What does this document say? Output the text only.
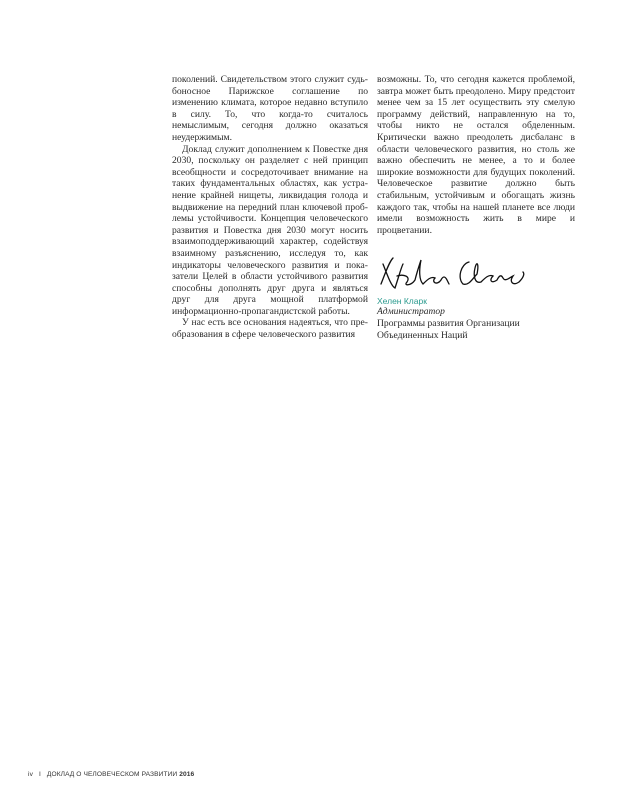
поколений. Свидетельством этого служит судьбоносное Парижское соглашение по изменению климата, которое недавно вступило в силу. То, что когда-то считалось немыслимым, сегодня должно оказаться неудержимым.

Доклад служит дополнением к Повестке дня 2030, поскольку он разделяет с ней принцип всеобщности и сосредоточивает внимание на таких фундаментальных областях, как устранение крайней нищеты, ликвидация голода и выдвижение на передний план ключевой проблемы устойчивости. Концепция человеческого развития и Повестка дня 2030 могут носить взаимоподдерживающий характер, содействуя взаимному разъяснению, исследуя то, как индикаторы человеческого развития и показатели Целей в области устойчивого развития способны дополнять друг друга и являться друг для друга мощной платформой информационно-пропагандистской работы.

У нас есть все основания надеяться, что преобразования в сфере человеческого развития

возможны. То, что сегодня кажется проблемой, завтра может быть преодолено. Миру предстоит менее чем за 15 лет осуществить эту смелую программу действий, направленную на то, чтобы никто не остался обделенным. Критически важно преодолеть дисбаланс в области человеческого развития, но столь же важно обеспечить не менее, а то и более широкие возможности для будущих поколений. Человеческое развитие должно быть стабильным, устойчивым и обогащать жизнь каждого так, чтобы на нашей планете все люди имели возможность жить в мире и процветании.

Хелен Кларк
Администратор
Программы развития Организации
Объединенных Наций
iv I ДОКЛАД О ЧЕЛОВЕЧЕСКОМ РАЗВИТИИ 2016
